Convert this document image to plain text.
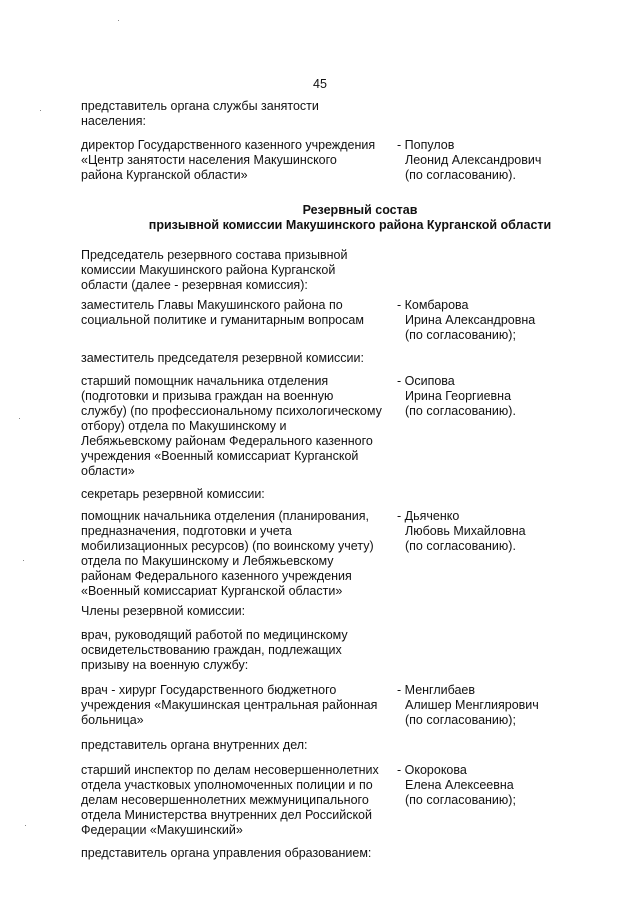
45
представитель органа службы занятости
населения:
директор Государственного казенного учреждения
«Центр занятости населения Макушинского
района Курганской области»
- Популов
Леонид Александрович
(по согласованию).
Резервный состав
призывной комиссии Макушинского района Курганской области
Председатель резервного состава призывной
комиссии Макушинского района Курганской
области (далее - резервная комиссия):
заместитель Главы Макушинского района по
социальной политике и гуманитарным вопросам
- Комбарова
Ирина Александровна
(по согласованию);
заместитель председателя резервной комиссии:
старший помощник начальника отделения
(подготовки и призыва граждан на военную
службу) (по профессиональному психологическому
отбору) отдела по Макушинскому и
Лебяжьевскому районам Федерального казенного
учреждения «Военный комиссариат Курганской
области»
- Осипова
Ирина Георгиевна
(по согласованию).
секретарь резервной комиссии:
помощник начальника отделения (планирования,
предназначения, подготовки и учета
мобилизационных ресурсов) (по воинскому учету)
отдела по Макушинскому и Лебяжьевскому
районам Федерального казенного учреждения
«Военный комиссариат Курганской области»
- Дьяченко
Любовь Михайловна
(по согласованию).
Члены резервной комиссии:
врач, руководящий работой по медицинскому
освидетельствованию граждан, подлежащих
призыву на военную службу:
врач - хирург Государственного бюджетного
учреждения «Макушинская центральная районная
больница»
- Менглибаев
Алишер Менглиярович
(по согласованию);
представитель органа внутренних дел:
старший инспектор по делам несовершеннолетних
отдела участковых уполномоченных полиции и по
делам несовершеннолетних межмуниципального
отдела Министерства внутренних дел Российской
Федерации «Макушинский»
- Окорокова
Елена Алексеевна
(по согласованию);
представитель органа управления образованием:
